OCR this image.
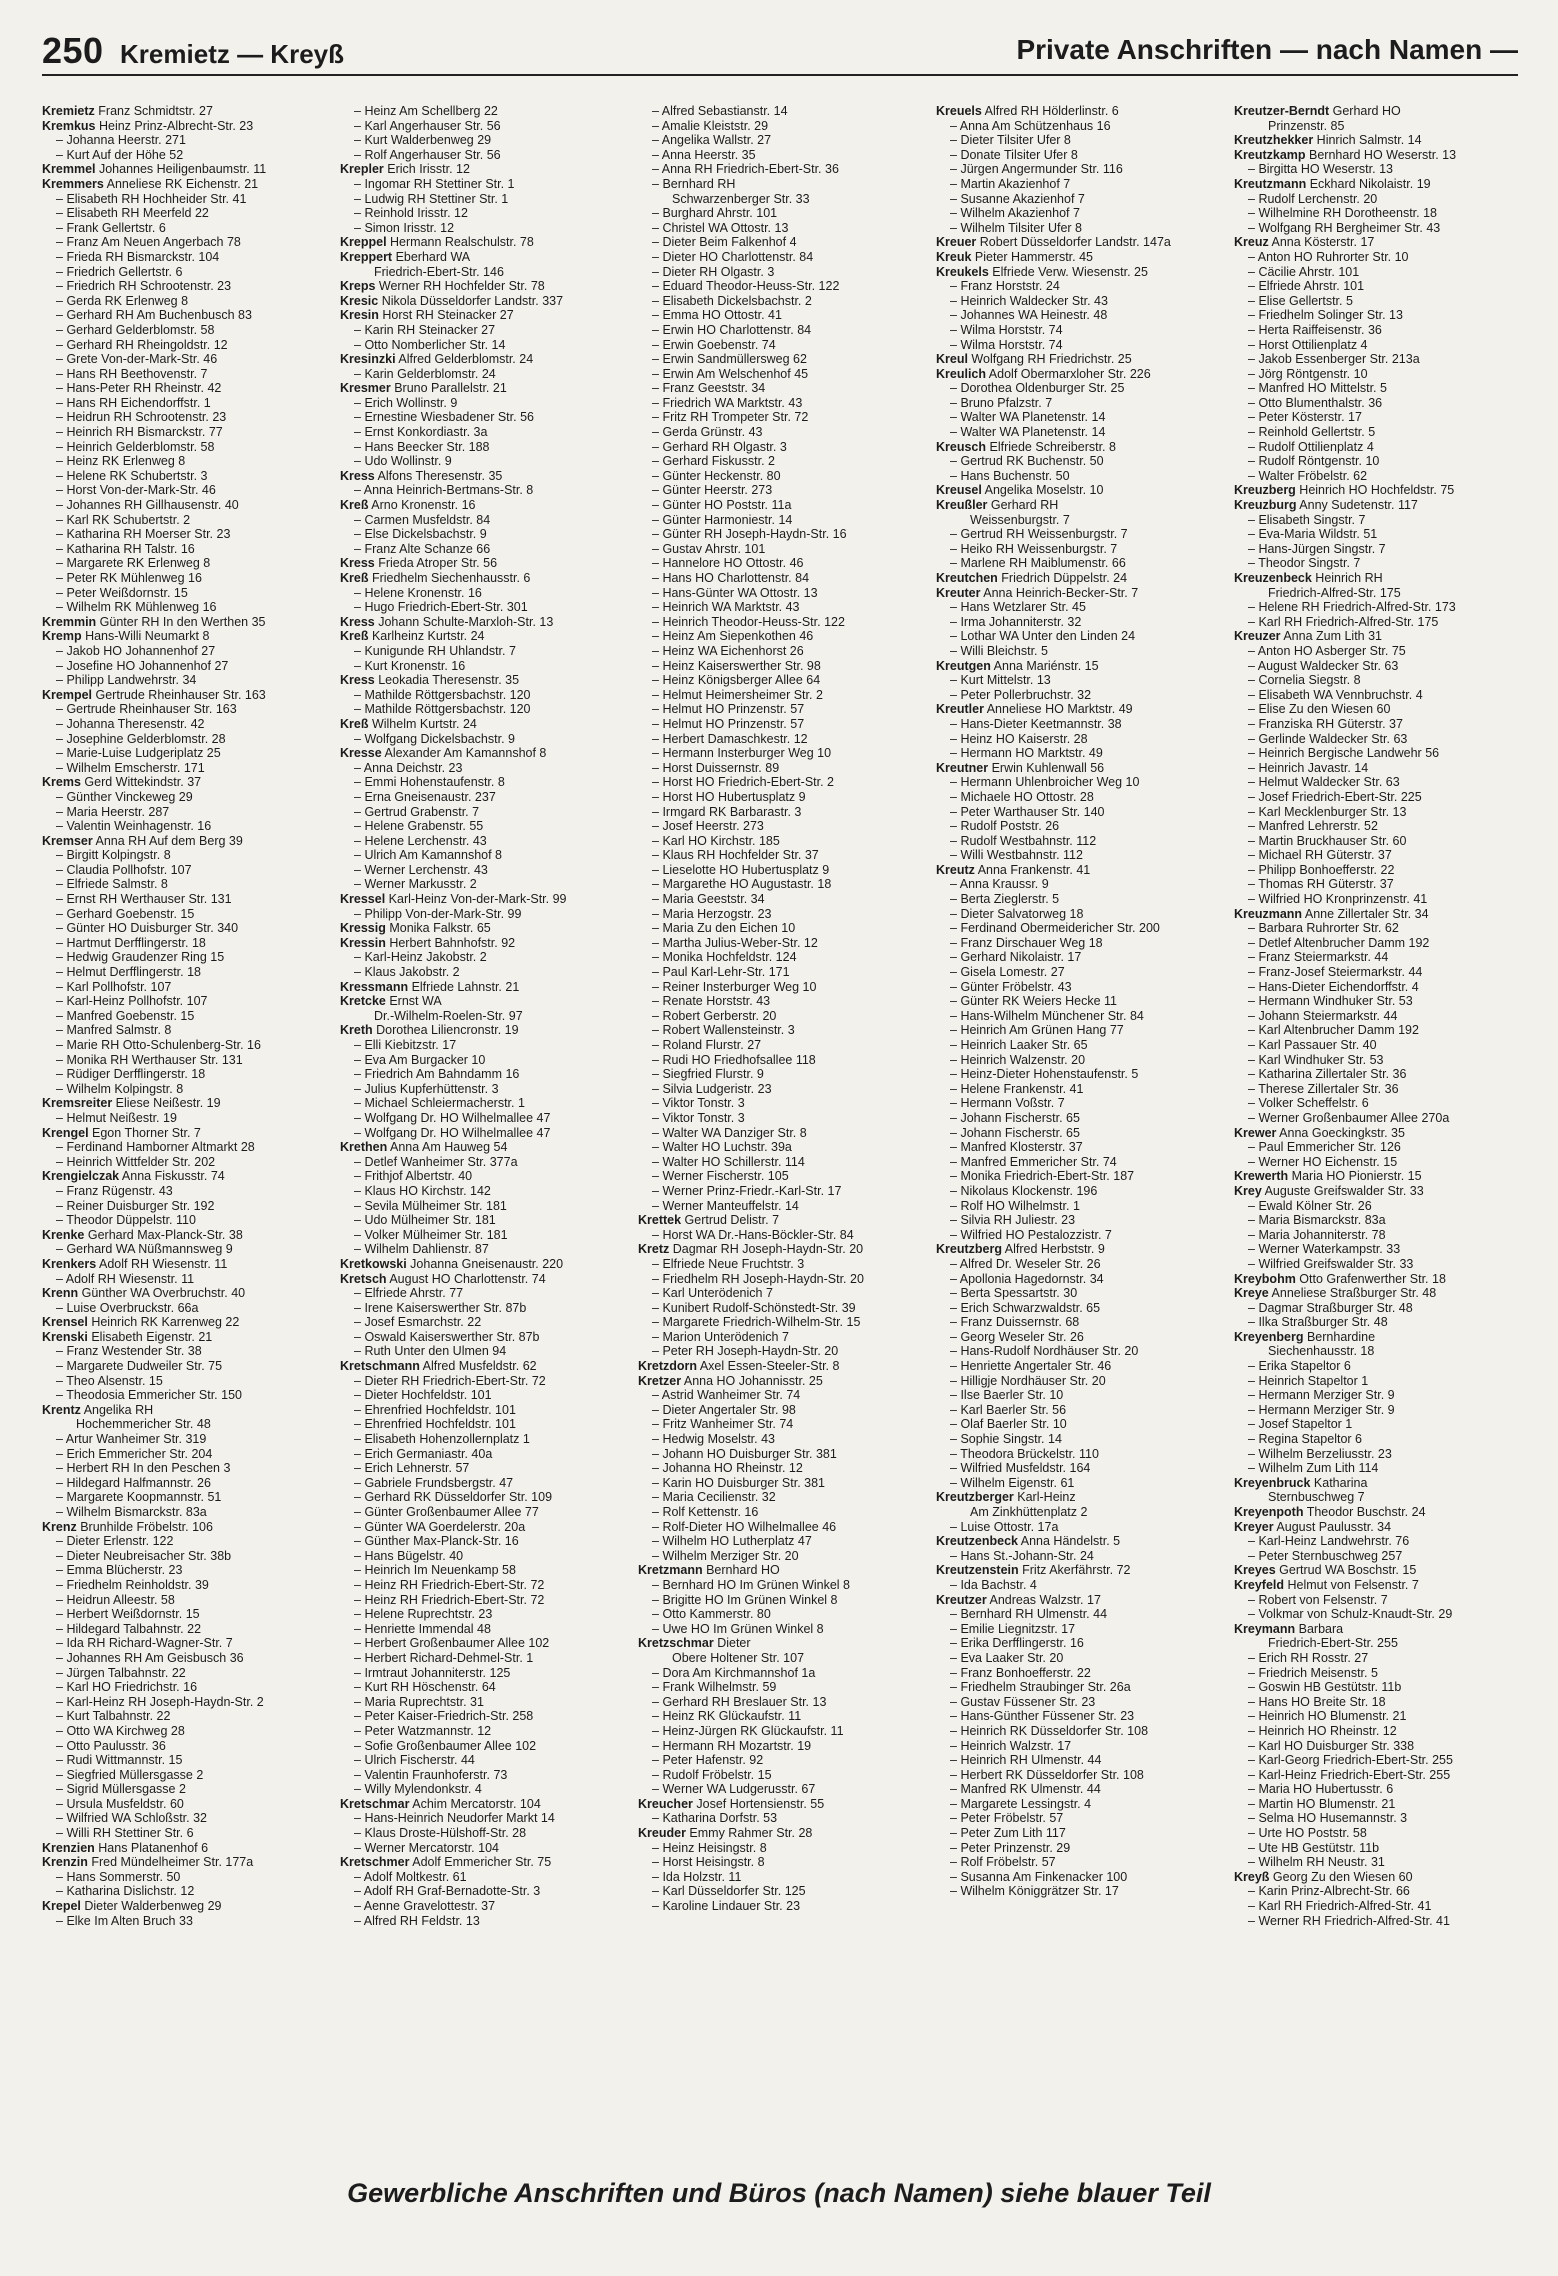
250 Kremietz — Kreyß	Private Anschriften — nach Namen —
Kremietz Franz Schmidtstr. 27
Kremkus Heinz Prinz-Albrecht-Str. 23
– Johanna Heerstr. 271
– Kurt Auf der Höhe 52
Kremmel Johannes Heiligenbaumstr. 11
Kremmers Anneliese RK Eichenstr. 21
– Elisabeth RH Hochheider Str. 41
– Elisabeth RH Meerfeld 22
– Frank Gellertstr. 6
– Franz Am Neuen Angerbach 78
– Frieda RH Bismarckstr. 104
– Friedrich Gellertstr. 6
– Friedrich RH Schrootenstr. 23
– Gerda RK Erlenweg 8
– Gerhard RH Am Buchenbusch 83
– Gerhard Gelderblomstr. 58
– Gerhard RH Rheingoldstr. 12
– Grete Von-der-Mark-Str. 46
– Hans RH Beethovenstr. 7
– Hans-Peter RH Rheinstr. 42
– Hans RH Eichendorffstr. 1
– Heidrun RH Schrootenstr. 23
– Heinrich RH Bismarckstr. 77
– Heinrich Gelderblomstr. 58
– Heinz RK Erlenweg 8
– Helene RK Schubertstr. 3
– Horst Von-der-Mark-Str. 46
– Johannes RH Gillhausenstr. 40
– Karl RK Schubertstr. 2
– Katharina RH Moerser Str. 23
– Katharina RH Talstr. 16
– Margarete RK Erlenweg 8
– Peter RK Mühlenweg 16
– Peter Weißdornstr. 15
– Wilhelm RK Mühlenweg 16
Kremmin Günter RH In den Werthen 35
Kremp Hans-Willi Neumarkt 8
– Jakob HO Johannenhof 27
– Josefine HO Johannenhof 27
– Philipp Landwehrstr. 34
Krempel Gertrude Rheinhauser Str. 163
– Gertrude Rheinhauser Str. 163
– Johanna Theresenstr. 42
– Josephine Gelderblomstr. 28
– Marie-Luise Ludgeriplatz 25
– Wilhelm Emscherstr. 171
Krems Gerd Wittekindstr. 37
– Günther Vinckeweg 29
– Maria Heerstr. 287
– Valentin Weinhagenstr. 16
Kremser Anna RH Auf dem Berg 39
– Birgitt Kolpingstr. 8
– Claudia Pollhofstr. 107
– Elfriede Salmstr. 8
– Ernst RH Werthauser Str. 131
– Gerhard Goebenstr. 15
– Günter HO Duisburger Str. 340
– Hartmut Derfflingerstr. 18
– Hedwig Graudenzer Ring 15
– Helmut Derfflingerstr. 18
– Karl Pollhofstr. 107
– Karl-Heinz Pollhofstr. 107
– Manfred Goebenstr. 15
– Manfred Salmstr. 8
– Marie RH Otto-Schulenberg-Str. 16
– Monika RH Werthauser Str. 131
– Rüdiger Derfflingerstr. 18
– Wilhelm Kolpingstr. 8
Kremsreiter Eliese Neißestr. 19
– Helmut Neißestr. 19
Krengel Egon Thorner Str. 7
– Ferdinand Hamborner Altmarkt 28
– Heinrich Wittfelder Str. 202
Krengielczak Anna Fiskusstr. 74
– Franz Rügenstr. 43
– Reiner Duisburger Str. 192
– Theodor Düppelstr. 110
Krenke Gerhard Max-Planck-Str. 38
– Gerhard WA Nüßmannsweg 9
Krenkers Adolf RH Wiesenstr. 11
– Adolf RH Wiesenstr. 11
Krenn Günther WA Overbruchstr. 40
– Luise Overbruckstr. 66a
Krensel Heinrich RK Karrenweg 22
Krenski Elisabeth Eigenstr. 21
– Franz Westender Str. 38
– Margarete Dudweiler Str. 75
– Theo Alsenstr. 15
– Theodosia Emmericher Str. 150
Krentz Angelika RH
Hochemmericher Str. 48
– Artur Wanheimer Str. 319
– Erich Emmericher Str. 204
– Herbert RH In den Peschen 3
– Hildegard Halfmannstr. 26
– Margarete Koopmannstr. 51
– Wilhelm Bismarckstr. 83a
Krenz Brunhilde Fröbelstr. 106
– Dieter Erlenstr. 122
– Dieter Neubreisacher Str. 38b
– Emma Blücherstr. 23
– Friedhelm Reinholdstr. 39
– Heidrun Alleestr. 58
– Herbert Weißdornstr. 15
– Hildegard Talbahnstr. 22
– Ida RH Richard-Wagner-Str. 7
– Johannes RH Am Geisbusch 36
– Jürgen Talbahnstr. 22
– Karl HO Friedrichstr. 16
– Karl-Heinz RH Joseph-Haydn-Str. 2
– Kurt Talbahnstr. 22
– Otto WA Kirchweg 28
– Otto Paulusstr. 36
– Rudi Wittmannstr. 15
– Siegfried Müllersgasse 2
– Sigrid Müllersgasse 2
– Ursula Musfeldstr. 60
– Wilfried WA Schloßstr. 32
– Willi RH Stettiner Str. 6
Krenzien Hans Platanenhof 6
Krenzin Fred Mündelheimer Str. 177a
– Hans Sommerstr. 50
– Katharina Dislichstr. 12
Krepel Dieter Walderbenweg 29
– Elke Im Alten Bruch 33
– Heinz Am Schellberg 22
– Karl Angerhauser Str. 56
– Kurt Walderbenweg 29
– Rolf Angerhauser Str. 56
Krepler Erich Irisstr. 12
– Ingomar RH Stettiner Str. 1
– Ludwig RH Stettiner Str. 1
– Reinhold Irisstr. 12
– Simon Irisstr. 12
Kreppel Hermann Realschulstr. 78
Kreppert Eberhard WA
Friedrich-Ebert-Str. 146
Kreps Werner RH Hochfelder Str. 78
Kresic Nikola Düsseldorfer Landstr. 337
Kresin Horst RH Steinacker 27
– Karin RH Steinacker 27
– Otto Nomberlicher Str. 14
Kresinzki Alfred Gelderblomstr. 24
– Karin Gelderblomstr. 24
Kresmer Bruno Parallelstr. 21
– Erich Wollinstr. 9
– Ernestine Wiesbadener Str. 56
– Ernst Konkordiastr. 3a
– Hans Beecker Str. 188
– Udo Wollinstr. 9
Kress Alfons Theresenstr. 35
– Anna Heinrich-Bertmans-Str. 8
Kreß Arno Kronenstr. 16
– Carmen Musfeldstr. 84
– Else Dickelsbachstr. 9
– Franz Alte Schanze 66
Kress Frieda Atroper Str. 56
Kreß Friedhelm Siechenhausstr. 6
– Helene Kronenstr. 16
– Hugo Friedrich-Ebert-Str. 301
Kress Johann Schulte-Marxloh-Str. 13
Kreß Karlheinz Kurtstr. 24
– Kunigunde RH Uhlandstr. 7
– Kurt Kronenstr. 16
Kress Leokadia Theresenstr. 35
– Mathilde Röttgersbachstr. 120
– Mathilde Röttgersbachstr. 120
Kreß Wilhelm Kurtstr. 24
– Wolfgang Dickelsbachstr. 9
Kresse Alexander Am Kamannshof 8
– Anna Deichstr. 23
– Emmi Hohenstaufenstr. 8
– Erna Gneisenaustr. 237
– Gertrud Grabenstr. 7
– Helene Grabenstr. 55
– Helene Lerchenstr. 43
– Ulrich Am Kamannshof 8
– Werner Lerchenstr. 43
– Werner Markusstr. 2
Kressel Karl-Heinz Von-der-Mark-Str. 99
– Philipp Von-der-Mark-Str. 99
Kressig Monika Falkstr. 65
Kressin Herbert Bahnhofstr. 92
– Karl-Heinz Jakobstr. 2
– Klaus Jakobstr. 2
Kressmann Elfriede Lahnstr. 21
Kretcke Ernst WA
Dr.-Wilhelm-Roelen-Str. 97
Kreth Dorothea Liliencronstr. 19
– Elli Kiebitzstr. 17
– Eva Am Burgacker 10
– Friedrich Am Bahndamm 16
– Julius Kupferhüttenstr. 3
– Michael Schleiermacherstr. 1
– Wolfgang Dr. HO Wilhelmallee 47
– Wolfgang Dr. HO Wilhelmallee 47
Krethen Anna Am Hauweg 54
– Detlef Wanheimer Str. 377a
– Frithjof Albertstr. 40
– Klaus HO Kirchstr. 142
– Sevila Mülheimer Str. 181
– Udo Mülheimer Str. 181
– Volker Mülheimer Str. 181
– Wilhelm Dahlienstr. 87
Kretkowski Johanna Gneisenaustr. 220
Kretsch August HO Charlottenstr. 74
– Elfriede Ahrstr. 77
– Irene Kaiserswerther Str. 87b
– Josef Esmarchstr. 22
– Oswald Kaiserswerther Str. 87b
– Ruth Unter den Ulmen 94
Kretschmann Alfred Musfeldstr. 62
– Dieter RH Friedrich-Ebert-Str. 72
– Dieter Hochfeldstr. 101
– Ehrenfried Hochfeldstr. 101
– Ehrenfried Hochfeldstr. 101
– Elisabeth Hohenzollernplatz 1
– Erich Germaniastr. 40a
– Erich Lehnerstr. 57
– Gabriele Frundsbergstr. 47
– Gerhard RK Düsseldorfer Str. 109
– Günter Großenbaumer Allee 77
– Günter WA Goerdelerstr. 20a
– Günther Max-Planck-Str. 16
– Hans Bügelstr. 40
– Heinrich Im Neuenkamp 58
– Heinz RH Friedrich-Ebert-Str. 72
– Heinz RH Friedrich-Ebert-Str. 72
– Helene Ruprechtstr. 23
– Henriette Immendal 48
– Herbert Großenbaumer Allee 102
– Herbert Richard-Dehmel-Str. 1
– Irmtraut Johanniterstr. 125
– Kurt RH Höschenstr. 64
– Maria Ruprechtstr. 31
– Peter Kaiser-Friedrich-Str. 258
– Peter Watzmannstr. 12
– Sofie Großenbaumer Allee 102
– Ulrich Fischerstr. 44
– Valentin Fraunhoferstr. 73
– Willy Mylendonkstr. 4
Kretschmar Achim Mercatorstr. 104
– Hans-Heinrich Neudorfer Markt 14
– Klaus Droste-Hülshoff-Str. 28
– Werner Mercatorstr. 104
Kretschmer Adolf Emmericher Str. 75
– Adolf Moltkestr. 61
– Adolf RH Graf-Bernadotte-Str. 3
– Aenne Gravelottestr. 37
– Alfred RH Feldstr. 13
– Alfred Sebastianstr. 14
– Amalie Kleiststr. 29
– Angelika Wallstr. 27
– Anna Heerstr. 35
– Anna RH Friedrich-Ebert-Str. 36
– Bernhard RH
Schwarzenberger Str. 33
– Burghard Ahrstr. 101
– Christel WA Ottostr. 13
– Dieter Beim Falkenhof 4
– Dieter HO Charlottenstr. 84
– Dieter RH Olgastr. 3
– Eduard Theodor-Heuss-Str. 122
– Elisabeth Dickelsbachstr. 2
– Emma HO Ottostr. 41
– Erwin HO Charlottenstr. 84
– Erwin Goebenstr. 74
– Erwin Sandmüllersweg 62
– Erwin Am Welschenhof 45
– Franz Geeststr. 34
– Friedrich WA Marktstr. 43
– Fritz RH Trompeter Str. 72
– Gerda Grünstr. 43
– Gerhard RH Olgastr. 3
– Gerhard Fiskusstr. 2
– Günter Heckenstr. 80
– Günter Heerstr. 273
– Günter HO Poststr. 11a
– Günter Harmoniestr. 14
– Günter RH Joseph-Haydn-Str. 16
– Gustav Ahrstr. 101
– Hannelore HO Ottostr. 46
– Hans HO Charlottenstr. 84
– Hans-Günter WA Ottostr. 13
– Heinrich WA Marktstr. 43
– Heinrich Theodor-Heuss-Str. 122
– Heinz Am Siepenkothen 46
– Heinz WA Eichenhorst 26
– Heinz Kaiserswerther Str. 98
– Heinz Königsberger Allee 64
– Helmut Heimersheimer Str. 2
– Helmut HO Prinzenstr. 57
– Helmut HO Prinzenstr. 57
– Herbert Damaschkestr. 12
– Hermann Insterburger Weg 10
– Horst Duissernstr. 89
– Horst HO Friedrich-Ebert-Str. 2
– Horst HO Hubertusplatz 9
– Irmgard RK Barbarastr. 3
– Josef Heerstr. 273
– Karl HO Kirchstr. 185
– Klaus RH Hochfelder Str. 37
– Lieselotte HO Hubertusplatz 9
– Margarethe HO Augustastr. 18
– Maria Geeststr. 34
– Maria Herzogstr. 23
– Maria Zu den Eichen 10
– Martha Julius-Weber-Str. 12
– Monika Hochfeldstr. 124
– Paul Karl-Lehr-Str. 171
– Reiner Insterburger Weg 10
– Renate Horststr. 43
– Robert Gerberstr. 20
– Robert Wallensteinstr. 3
– Roland Flurstr. 27
– Rudi HO Friedhofsallee 118
– Siegfried Flurstr. 9
– Silvia Ludgeristr. 23
– Viktor Tonstr. 3
– Viktor Tonstr. 3
– Walter WA Danziger Str. 8
– Walter HO Luchstr. 39a
– Walter HO Schillerstr. 114
– Werner Fischerstr. 105
– Werner Prinz-Friedr.-Karl-Str. 17
– Werner Manteuffelstr. 14
Krettek Gertrud Delistr. 7
– Horst WA Dr.-Hans-Böckler-Str. 84
Kretz Dagmar RH Joseph-Haydn-Str. 20
– Elfriede Neue Fruchtstr. 3
– Friedhelm RH Joseph-Haydn-Str. 20
– Karl Unterödenich 7
– Kunibert Rudolf-Schönstedt-Str. 39
– Margarete Friedrich-Wilhelm-Str. 15
– Marion Unterödenich 7
– Peter RH Joseph-Haydn-Str. 20
Kretzdorn Axel Essen-Steeler-Str. 8
Kretzer Anna HO Johannisstr. 25
– Astrid Wanheimer Str. 74
– Dieter Angertaler Str. 98
– Fritz Wanheimer Str. 74
– Hedwig Moselstr. 43
– Johann HO Duisburger Str. 381
– Johanna HO Rheinstr. 12
– Karin HO Duisburger Str. 381
– Maria Cecilienstr. 32
– Rolf Kettenstr. 16
– Rolf-Dieter HO Wilhelmallee 46
– Wilhelm HO Lutherplatz 47
– Wilhelm Merziger Str. 20
Kretzmann Bernhard HO
– Bernhard HO Im Grünen Winkel 8
– Brigitte HO Im Grünen Winkel 8
– Otto Kammerstr. 80
– Uwe HO Im Grünen Winkel 8
Kretzschmar Dieter
Obere Holtener Str. 107
– Dora Am Kirchmannshof 1a
– Frank Wilhelmstr. 59
– Gerhard RH Breslauer Str. 13
– Heinz RK Glückaufstr. 11
– Heinz-Jürgen RK Glückaufstr. 11
– Hermann RH Mozartstr. 19
– Peter Hafenstr. 92
– Rudolf Fröbelstr. 15
– Werner WA Ludgerusstr. 67
Kreucher Josef Hortensienstr. 55
– Katharina Dorfstr. 53
Kreuder Emmy Rahmer Str. 28
– Heinz Heisingstr. 8
– Horst Heisingstr. 8
– Ida Holzstr. 11
– Karl Düsseldorfer Str. 125
– Karoline Lindauer Str. 23
Kreuels Alfred RH Hölderlinstr. 6
– Anna Am Schützenhaus 16
– Dieter Tilsiter Ufer 8
– Donate Tilsiter Ufer 8
– Jürgen Angermunder Str. 116
– Martin Akazienhof 7
– Susanne Akazienhof 7
– Wilhelm Akazienhof 7
– Wilhelm Tilsiter Ufer 8
Kreuer Robert Düsseldorfer Landstr. 147a
Kreuk Pieter Hammerstr. 45
Kreukels Elfriede Verw. Wiesenstr. 25
– Franz Horststr. 24
– Heinrich Waldecker Str. 43
– Johannes WA Heinestr. 48
– Wilma Horststr. 74
– Wilma Horststr. 74
Kreul Wolfgang RH Friedrichstr. 25
Kreulich Adolf Obermarxloher Str. 226
– Dorothea Oldenburger Str. 25
– Bruno Pfalzstr. 7
– Walter WA Planetenstr. 14
– Walter WA Planetenstr. 14
Kreusch Elfriede Schreiberstr. 8
– Gertrud RK Buchenstr. 50
– Hans Buchenstr. 50
Kreusel Angelika Moselstr. 10
Kreußler Gerhard RH
Weissenburgstr. 7
– Gertrud RH Weissenburgstr. 7
– Heiko RH Weissenburgstr. 7
– Marlene RH Maiblumenstr. 66
Kreutchen Friedrich Düppelstr. 24
Kreuter Anna Heinrich-Becker-Str. 7
– Hans Wetzlarer Str. 45
– Irma Johanniterstr. 32
– Lothar WA Unter den Linden 24
– Willi Bleichstr. 5
Kreutgen Anna Mariénstr. 15
– Kurt Mittelstr. 13
– Peter Pollerbruchstr. 32
Kreutler Anneliese HO Marktstr. 49
– Hans-Dieter Keetmannstr. 38
– Heinz HO Kaiserstr. 28
– Hermann HO Marktstr. 49
Kreutner Erwin Kuhlenwall 56
– Hermann Uhlenbroicher Weg 10
– Michaele HO Ottostr. 28
– Peter Warthauser Str. 140
– Rudolf Poststr. 26
– Rudolf Westbahnstr. 112
– Willi Westbahnstr. 112
Kreutz Anna Frankenstr. 41
– Anna Kraussr. 9
– Berta Zieglerstr. 5
– Dieter Salvatorweg 18
– Ferdinand Obermeidericher Str. 200
– Franz Dirschauer Weg 18
– Gerhard Nikolaistr. 17
– Gisela Lomestr. 27
– Günter Fröbelstr. 43
– Günter RK Weiers Hecke 11
– Hans-Wilhelm Münchener Str. 84
– Heinrich Am Grünen Hang 77
– Heinrich Laaker Str. 65
– Heinrich Walzenstr. 20
– Heinz-Dieter Hohenstaufenstr. 5
– Helene Frankenstr. 41
– Hermann Voßstr. 7
– Johann Fischerstr. 65
– Johann Fischerstr. 65
– Manfred Klosterstr. 37
– Manfred Emmericher Str. 74
– Monika Friedrich-Ebert-Str. 187
– Nikolaus Klockenstr. 196
– Rolf HO Wilhelmstr. 1
– Silvia RH Juliestr. 23
– Wilfried HO Pestalozzistr. 7
Kreutzberg Alfred Herbststr. 9
– Alfred Dr. Weseler Str. 26
– Apollonia Hagedornstr. 34
– Berta Spessartstr. 30
– Erich Schwarzwaldstr. 65
– Franz Duissernstr. 68
– Georg Weseler Str. 26
– Hans-Rudolf Nordhäuser Str. 20
– Henriette Angertaler Str. 46
– Hilligje Nordhäuser Str. 20
– Ilse Baerler Str. 10
– Karl Baerler Str. 56
– Olaf Baerler Str. 10
– Sophie Singstr. 14
– Theodora Brückelstr. 110
– Wilfried Musfeldstr. 164
– Wilhelm Eigenstr. 61
Kreutzberger Karl-Heinz
Am Zinkhüttenplatz 2
– Luise Ottostr. 17a
Kreutzenbeck Anna Händelstr. 5
– Hans St.-Johann-Str. 24
Kreutzenstein Fritz Akerfährstr. 72
– Ida Bachstr. 4
Kreutzer Andreas Walzstr. 17
– Bernhard RH Ulmenstr. 44
– Emilie Liegnitzstr. 17
– Erika Derfflingerstr. 16
– Eva Laaker Str. 20
– Franz Bonhoefferstr. 22
– Friedhelm Straubinger Str. 26a
– Gustav Füssener Str. 23
– Hans-Günther Füssener Str. 23
– Heinrich RK Düsseldorfer Str. 108
– Heinrich Walzstr. 17
– Heinrich RH Ulmenstr. 44
– Herbert RK Düsseldorfer Str. 108
– Manfred RK Ulmenstr. 44
– Margarete Lessingstr. 4
– Peter Fröbelstr. 57
– Peter Zum Lith 117
– Peter Prinzenstr. 29
– Rolf Fröbelstr. 57
– Susanna Am Finkenacker 100
– Wilhelm Königgrätzer Str. 17
Kreutzer-Berndt Gerhard HO
Prinzenstr. 85
Kreutzhekker Hinrich Salmstr. 14
Kreutzkamp Bernhard HO Weserstr. 13
– Birgitta HO Weserstr. 13
Kreutzmann Eckhard Nikolaistr. 19
– Rudolf Lerchenstr. 20
– Wilhelmine RH Dorotheenstr. 18
– Wolfgang RH Bergheimer Str. 43
Kreuz Anna Kösterstr. 17
– Anton HO Ruhrorter Str. 10
– Cäcilie Ahrstr. 101
– Elfriede Ahrstr. 101
– Elise Gellertstr. 5
– Friedhelm Solinger Str. 13
– Herta Raiffeisenstr. 36
– Horst Ottilienplatz 4
– Jakob Essenberger Str. 213a
– Jörg Röntgenstr. 10
– Manfred HO Mittelstr. 5
– Otto Blumenthalstr. 36
– Peter Kösterstr. 17
– Reinhold Gellertstr. 5
– Rudolf Ottilienplatz 4
– Rudolf Röntgenstr. 10
– Walter Fröbelstr. 62
Kreuzberg Heinrich HO Hochfeldstr. 75
Kreuzburg Anny Sudetenstr. 117
– Elisabeth Singstr. 7
– Eva-Maria Wildstr. 51
– Hans-Jürgen Singstr. 7
– Theodor Singstr. 7
Kreuzenbeck Heinrich RH
Friedrich-Alfred-Str. 175
– Helene RH Friedrich-Alfred-Str. 173
– Karl RH Friedrich-Alfred-Str. 175
Kreuzer Anna Zum Lith 31
– Anton HO Asberger Str. 75
– August Waldecker Str. 63
– Cornelia Siegstr. 8
– Elisabeth WA Vennbruchstr. 4
– Elise Zu den Wiesen 60
– Franziska RH Güterstr. 37
– Gerlinde Waldecker Str. 63
– Heinrich Bergische Landwehr 56
– Heinrich Javastr. 14
– Helmut Waldecker Str. 63
– Josef Friedrich-Ebert-Str. 225
– Karl Mecklenburger Str. 13
– Manfred Lehrerstr. 52
– Martin Bruckhauser Str. 60
– Michael RH Güterstr. 37
– Philipp Bonhoefferstr. 22
– Thomas RH Güterstr. 37
– Wilfried HO Kronprinzenstr. 41
Kreuzmann Anne Zillertaler Str. 34
– Barbara Ruhrorter Str. 62
– Detlef Altenbrucher Damm 192
– Franz Steiermarkstr. 44
– Franz-Josef Steiermarkstr. 44
– Hans-Dieter Eichendorffstr. 4
– Hermann Windhuker Str. 53
– Johann Steiermarkstr. 44
– Karl Altenbrucher Damm 192
– Karl Passauer Str. 40
– Karl Windhuker Str. 53
– Katharina Zillertaler Str. 36
– Therese Zillertaler Str. 36
– Volker Scheffelstr. 6
– Werner Großenbaumer Allee 270a
Krewer Anna Goeckingkstr. 35
– Paul Emmericher Str. 126
– Werner HO Eichenstr. 15
Krewerth Maria HO Pionierstr. 15
Krey Auguste Greifswalder Str. 33
– Ewald Kölner Str. 26
– Maria Bismarckstr. 83a
– Maria Johanniterstr. 78
– Werner Waterkampstr. 33
– Wilfried Greifswalder Str. 33
Kreybohm Otto Grafenwerther Str. 18
Kreye Anneliese Straßburger Str. 48
– Dagmar Straßburger Str. 48
– Ilka Straßburger Str. 48
Kreyenberg Bernhardine
Siechenhausstr. 18
– Erika Stapeltor 6
– Heinrich Stapeltor 1
– Hermann Merziger Str. 9
– Hermann Merziger Str. 9
– Josef Stapeltor 1
– Regina Stapeltor 6
– Wilhelm Berzeliusstr. 23
– Wilhelm Zum Lith 114
Kreyenbruck Katharina
Sternbuschweg 7
Kreyenpoth Theodor Buschstr. 24
Kreyer August Paulusstr. 34
– Karl-Heinz Landwehrstr. 76
– Peter Sternbuschweg 257
Kreyes Gertrud WA Boschstr. 15
Kreyfeld Helmut von Felsenstr. 7
– Robert von Felsenstr. 7
– Volkmar von Schulz-Knaudt-Str. 29
Kreymann Barbara
Friedrich-Ebert-Str. 255
– Erich RH Rosstr. 27
– Friedrich Meisenstr. 5
– Goswin HB Gestütstr. 11b
– Hans HO Breite Str. 18
– Heinrich HO Blumenstr. 21
– Heinrich HO Rheinstr. 12
– Karl HO Duisburger Str. 338
– Karl-Georg Friedrich-Ebert-Str. 255
– Karl-Heinz Friedrich-Ebert-Str. 255
– Maria HO Hubertusstr. 6
– Martin HO Blumenstr. 21
– Selma HO Husemannstr. 3
– Urte HO Poststr. 58
– Ute HB Gestütstr. 11b
– Wilhelm RH Neustr. 31
Kreyß Georg Zu den Wiesen 60
– Karin Prinz-Albrecht-Str. 66
– Karl RH Friedrich-Alfred-Str. 41
– Werner RH Friedrich-Alfred-Str. 41
Gewerbliche Anschriften und Büros (nach Namen) siehe blauer Teil
